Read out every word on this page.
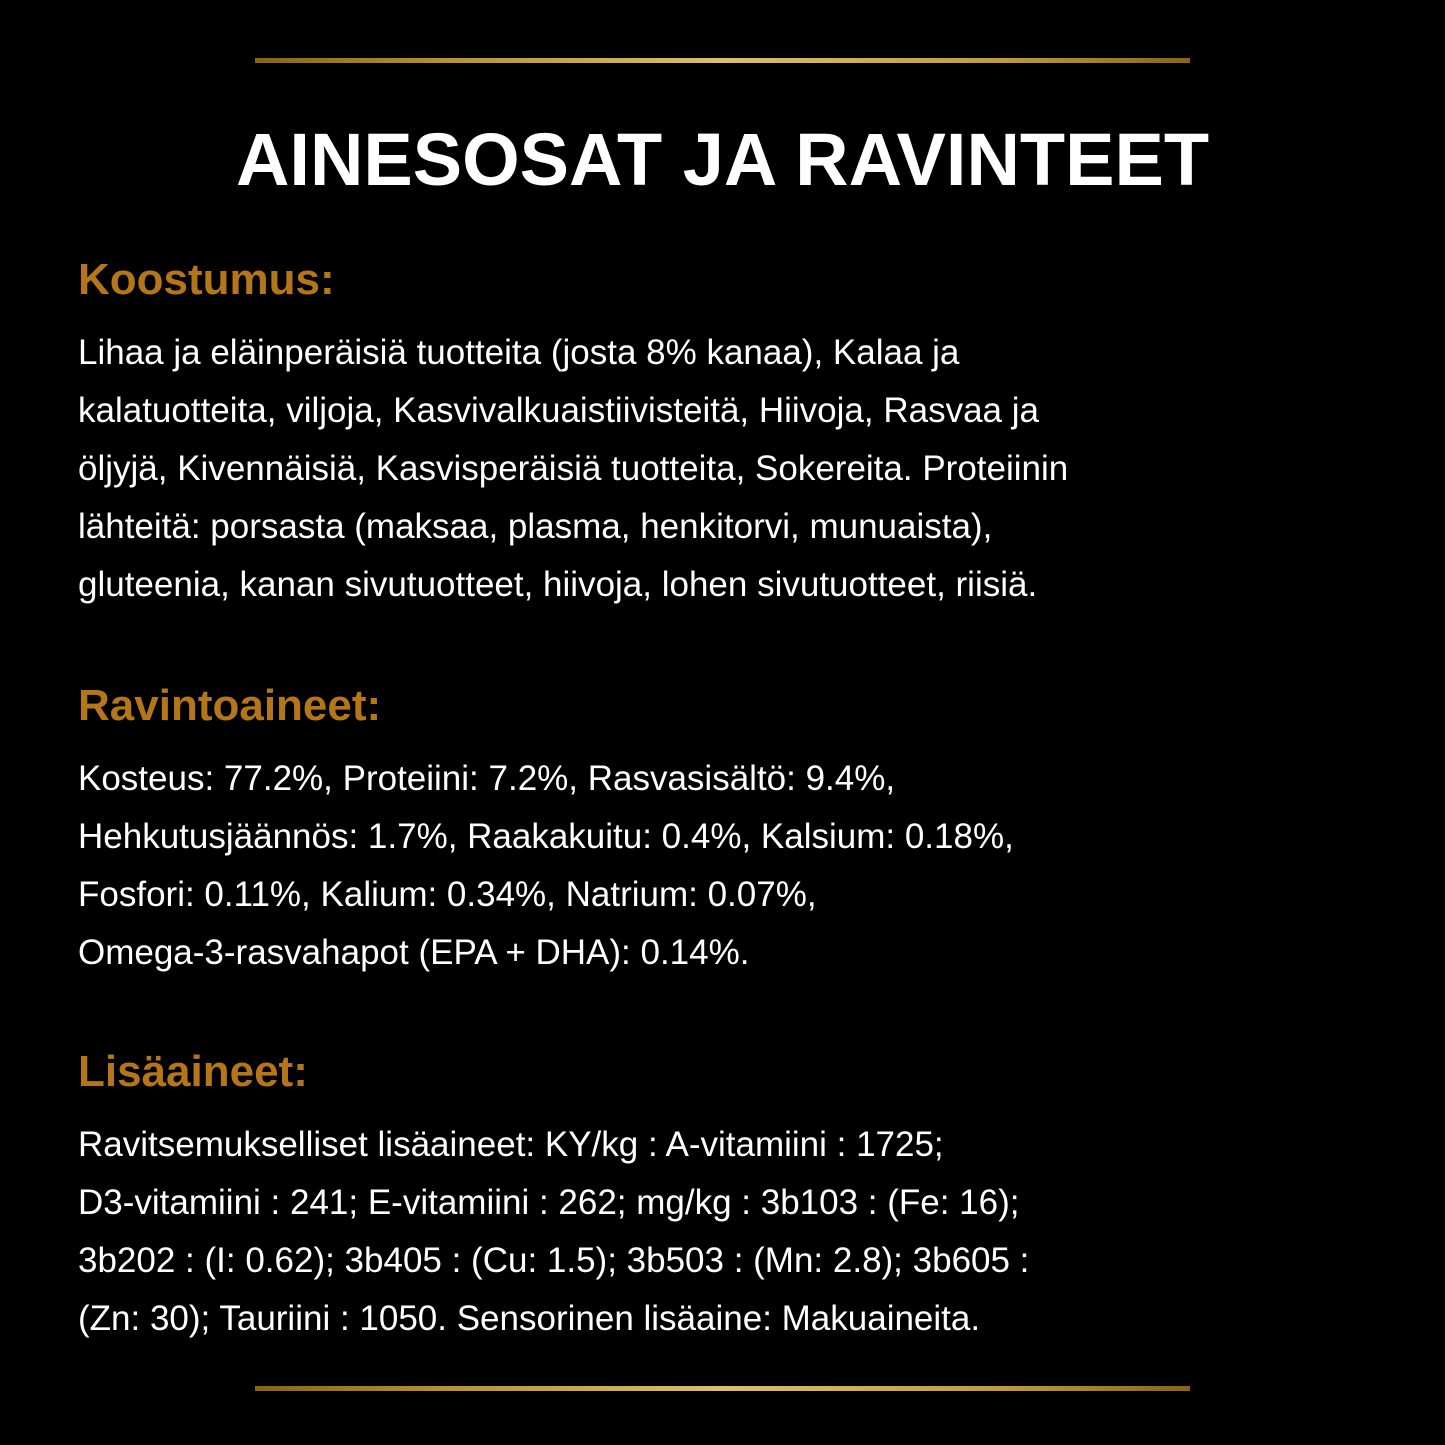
AINESOSAT JA RAVINTEET
Koostumus:

Lihaa ja eläinperäisiä tuotteita (josta 8% kanaa), Kalaa ja
kalatuotteita, viljoja, Kasvivalkuaistiivisteitä, Hiivoja, Rasvaa ja
öljyjä, Kivennäisiä, Kasvisperäisiä tuotteita, Sokereita. Proteiinin
lähteitä: porsasta (maksaa, plasma, henkitorvi, munuaista),
gluteenia, kanan sivutuotteet, hiivoja, lohen sivutuotteet, riisiä.

Ravintoaineet:

Kosteus: 77.2%, Proteiini: 7.2%, Rasvasisältö: 9.4%,
Hehkutusjäännös: 1.7%, Raakakuitu: 0.4%, Kalsium: 0.18%,
Fosfori: 0.11%, Kalium: 0.34%, Natrium: 0.07%,
Omega-3-rasvahapot (EPA + DHA): 0.14%.

Lisäaineet:

Ravitsemukselliset lisäaineet: KY/kg : A-vitamiini : 1725;
D3-vitamiini : 241; E-vitamiini : 262; mg/kg : 3b103 : (Fe: 16);
3b202 : (I: 0.62); 3b405 : (Cu: 1.5); 3b503 : (Mn: 2.8); 3b605 :
(Zn: 30); Tauriini : 1050. Sensorinen lisäaine: Makuaineita.
